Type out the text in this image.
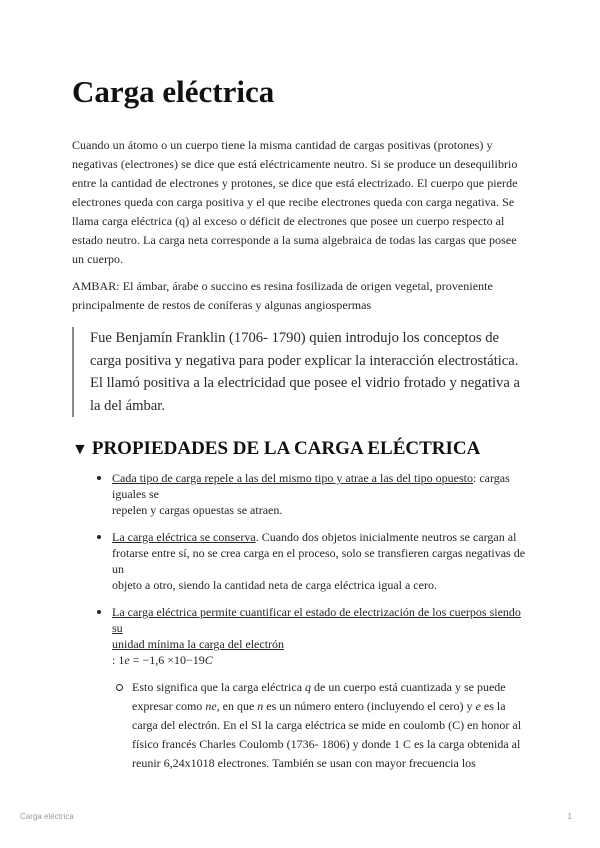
Carga eléctrica

Cuando un átomo o un cuerpo tiene la misma cantidad de cargas positivas (protones) y negativas (electrones) se dice que está eléctricamente neutro. Si se produce un desequilibrio entre la cantidad de electrones y protones, se dice que está electrizado. El cuerpo que pierde electrones queda con carga positiva y el que recibe electrones queda con carga negativa. Se llama carga eléctrica (q) al exceso o déficit de electrones que posee un cuerpo respecto al estado neutro. La carga neta corresponde a la suma algebraica de todas las cargas que posee un cuerpo.

AMBAR: El ámbar, árabe o succino es resina fosilizada de origen vegetal, proveniente principalmente de restos de coníferas y algunas angiospermas

Fue Benjamín Franklin (1706- 1790) quien introdujo los conceptos de carga positiva y negativa para poder explicar la interacción electrostática. El llamó positiva a la electricidad que posee el vidrio frotado y negativa a la del ámbar.
▼ PROPIEDADES DE LA CARGA ELÉCTRICA
Cada tipo de carga repele a las del mismo tipo y atrae a las del tipo opuesto: cargas iguales se
repelen y cargas opuestas se atraen.
La carga eléctrica se conserva. Cuando dos objetos inicialmente neutros se cargan al frotarse entre sí, no se crea carga en el proceso, solo se transfieren cargas negativas de un
objeto a otro, siendo la cantidad neta de carga eléctrica igual a cero.
La carga eléctrica permite cuantificar el estado de electrización de los cuerpos siendo su
unidad mínima la carga del electrón
: 1e = −1,6 ×10−19C
Esto significa que la carga eléctrica q de un cuerpo está cuantizada y se puede expresar como ne, en que n es un número entero (incluyendo el cero) y e es la carga del electrón. En el SI la carga eléctrica se mide en coulomb (C) en honor al físico francés Charles Coulomb (1736- 1806) y donde 1 C es la carga obtenida al reunir 6,24x1018 electrones. También se usan con mayor frecuencia los
Carga eléctrica	1
